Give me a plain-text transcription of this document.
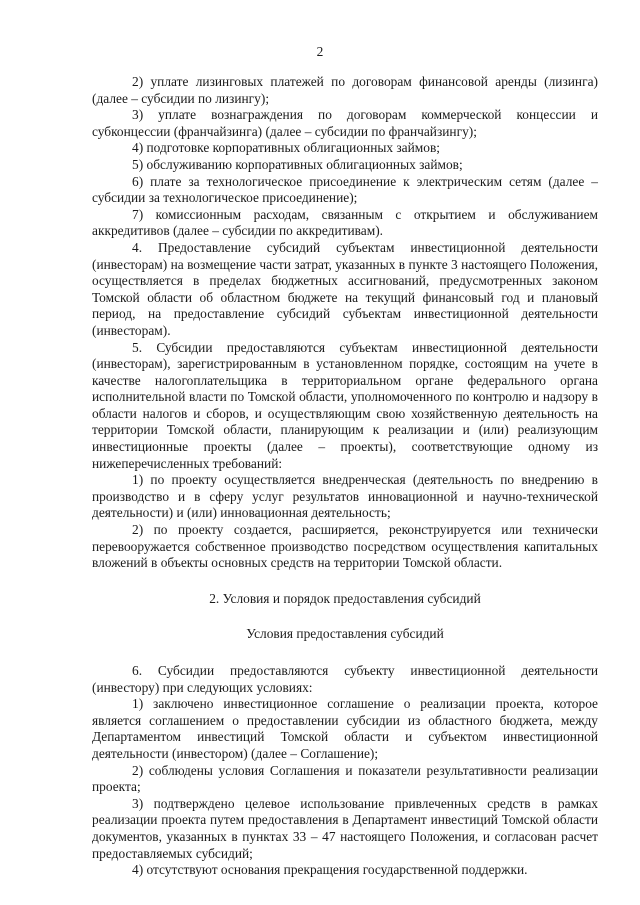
2

2) уплате лизинговых платежей по договорам финансовой аренды (лизинга) (далее – субсидии по лизингу);

3) уплате вознаграждения по договорам коммерческой концессии и субконцессии (франчайзинга) (далее – субсидии по франчайзингу);

4) подготовке корпоративных облигационных займов;

5) обслуживанию корпоративных облигационных займов;

6) плате за технологическое присоединение к электрическим сетям (далее – субсидии за технологическое присоединение);

7) комиссионным расходам, связанным с открытием и обслуживанием аккредитивов (далее – субсидии по аккредитивам).

4. Предоставление субсидий субъектам инвестиционной деятельности (инвесторам) на возмещение части затрат, указанных в пункте 3 настоящего Положения, осуществляется в пределах бюджетных ассигнований, предусмотренных законом Томской области об областном бюджете на текущий финансовый год и плановый период, на предоставление субсидий субъектам инвестиционной деятельности (инвесторам).

5. Субсидии предоставляются субъектам инвестиционной деятельности (инвесторам), зарегистрированным в установленном порядке, состоящим на учете в качестве налогоплательщика в территориальном органе федерального органа исполнительной власти по Томской области, уполномоченного по контролю и надзору в области налогов и сборов, и осуществляющим свою хозяйственную деятельность на территории Томской области, планирующим к реализации и (или) реализующим инвестиционные проекты (далее – проекты), соответствующие одному из нижеперечисленных требований:

1) по проекту осуществляется внедренческая (деятельность по внедрению в производство и в сферу услуг результатов инновационной и научно-технической деятельности) и (или) инновационная деятельность;

2) по проекту создается, расширяется, реконструируется или технически перевооружается собственное производство посредством осуществления капитальных вложений в объекты основных средств на территории Томской области.

2. Условия и порядок предоставления субсидий

Условия предоставления субсидий

6. Субсидии предоставляются субъекту инвестиционной деятельности (инвестору) при следующих условиях:

1) заключено инвестиционное соглашение о реализации проекта, которое является соглашением о предоставлении субсидии из областного бюджета, между Департаментом инвестиций Томской области и субъектом инвестиционной деятельности (инвестором) (далее – Соглашение);

2) соблюдены условия Соглашения и показатели результативности реализации проекта;

3) подтверждено целевое использование привлеченных средств в рамках реализации проекта путем предоставления в Департамент инвестиций Томской области документов, указанных в пунктах 33 – 47 настоящего Положения, и согласован расчет предоставляемых субсидий;

4) отсутствуют основания прекращения государственной поддержки.
